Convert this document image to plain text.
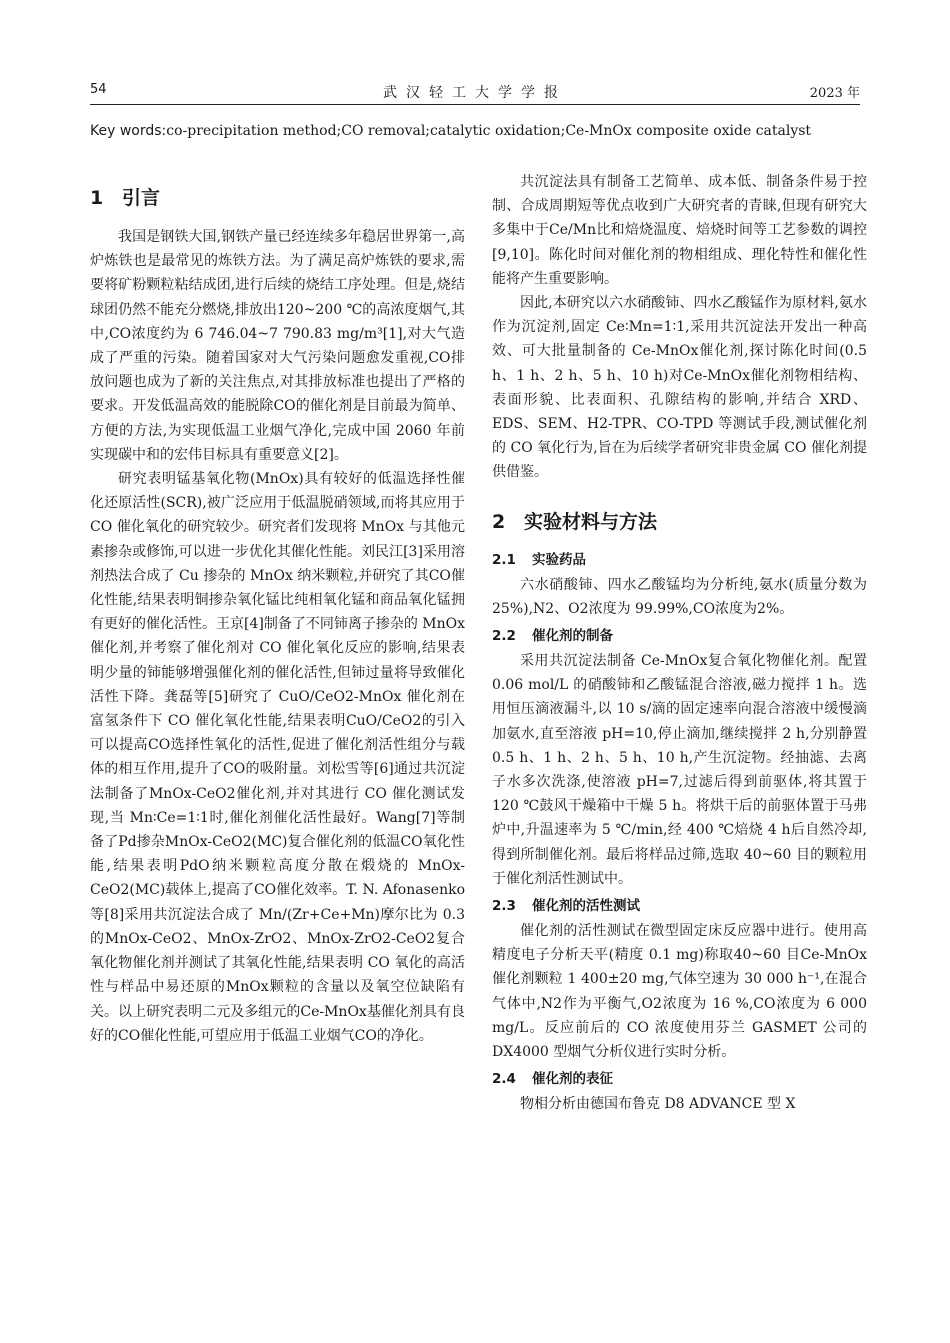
54	武汉轻工大学学报	2023 年
Key words:co-precipitation method;CO removal;catalytic oxidation;Ce-MnOx composite oxide catalyst
1 引言

我国是钢铁大国,钢铁产量已经连续多年稳居世界第一,高炉炼铁也是最常见的炼铁方法。为了满足高炉炼铁的要求,需要将矿粉颗粒粘结成团,进行后续的烧结工序处理。但是,烧结球团仍然不能充分燃烧,排放出120~200 ℃的高浓度烟气,其中,CO浓度约为 6 746.04~7 790.83 mg/m³[1],对大气造成了严重的污染。随着国家对大气污染问题愈发重视,CO排放问题也成为了新的关注焦点,对其排放标准也提出了严格的要求。开发低温高效的能脱除CO的催化剂是目前最为简单、方便的方法,为实现低温工业烟气净化,完成中国 2060 年前实现碳中和的宏伟目标具有重要意义[2]。

研究表明锰基氧化物(MnOx)具有较好的低温选择性催化还原活性(SCR),被广泛应用于低温脱硝领域,而将其应用于 CO 催化氧化的研究较少。研究者们发现将 MnOx 与其他元素掺杂或修饰,可以进一步优化其催化性能。刘民江[3]采用溶剂热法合成了 Cu 掺杂的 MnOx 纳米颗粒,并研究了其CO催化性能,结果表明铜掺杂氧化锰比纯相氧化锰和商品氧化锰拥有更好的催化活性。王京[4]制备了不同铈离子掺杂的 MnOx 催化剂,并考察了催化剂对 CO 催化氧化反应的影响,结果表明少量的铈能够增强催化剂的催化活性,但铈过量将导致催化活性下降。龚磊等[5]研究了 CuO/CeO2-MnOx 催化剂在富氢条件下 CO 催化氧化性能,结果表明CuO/CeO2的引入可以提高CO选择性氧化的活性,促进了催化剂活性组分与载体的相互作用,提升了CO的吸附量。刘松雪等[6]通过共沉淀法制备了MnOx-CeO2催化剂,并对其进行 CO 催化测试发现,当 Mn∶Ce=1∶1时,催化剂催化活性最好。Wang[7]等制备了Pd掺杂MnOx-CeO2(MC)复合催化剂的低温CO氧化性能,结果表明PdO纳米颗粒高度分散在煅烧的 MnOx-CeO2(MC)载体上,提高了CO催化效率。T. N. Afonasenko 等[8]采用共沉淀法合成了 Mn/(Zr+Ce+Mn)摩尔比为 0.3 的MnOx-CeO2、MnOx-ZrO2、MnOx-ZrO2-CeO2复合氧化物催化剂并测试了其氧化性能,结果表明 CO 氧化的高活性与样品中易还原的MnOx颗粒的含量以及氧空位缺陷有关。以上研究表明二元及多组元的Ce-MnOx基催化剂具有良好的CO催化性能,可望应用于低温工业烟气CO的净化。

共沉淀法具有制备工艺简单、成本低、制备条件易于控制、合成周期短等优点收到广大研究者的青睐,但现有研究大多集中于Ce/Mn比和焙烧温度、焙烧时间等工艺参数的调控[9,10]。陈化时间对催化剂的物相组成、理化特性和催化性能将产生重要影响。

因此,本研究以六水硝酸铈、四水乙酸锰作为原材料,氨水作为沉淀剂,固定 Ce∶Mn=1∶1,采用共沉淀法开发出一种高效、可大批量制备的 Ce-MnOx催化剂,探讨陈化时间(0.5 h、1 h、2 h、5 h、10 h)对Ce-MnOx催化剂物相结构、表面形貌、比表面积、孔隙结构的影响,并结合 XRD、EDS、SEM、H2-TPR、CO-TPD 等测试手段,测试催化剂的 CO 氧化行为,旨在为后续学者研究非贵金属 CO 催化剂提供借鉴。

2 实验材料与方法
2.1 实验药品

六水硝酸铈、四水乙酸锰均为分析纯,氨水(质量分数为 25%),N2、O2浓度为 99.99%,CO浓度为2%。

2.2 催化剂的制备

采用共沉淀法制备 Ce-MnOx复合氧化物催化剂。配置0.06 mol/L 的硝酸铈和乙酸锰混合溶液,磁力搅拌 1 h。选用恒压滴液漏斗,以 10 s/滴的固定速率向混合溶液中缓慢滴加氨水,直至溶液 pH=10,停止滴加,继续搅拌 2 h,分别静置 0.5 h、1 h、2 h、5 h、10 h,产生沉淀物。经抽滤、去离子水多次洗涤,使溶液 pH=7,过滤后得到前驱体,将其置于120 ℃鼓风干燥箱中干燥 5 h。将烘干后的前驱体置于马弗炉中,升温速率为 5 ℃/min,经 400 ℃焙烧 4 h后自然冷却,得到所制催化剂。最后将样品过筛,选取 40~60 目的颗粒用于催化剂活性测试中。

2.3 催化剂的活性测试

催化剂的活性测试在微型固定床反应器中进行。使用高精度电子分析天平(精度 0.1 mg)称取40~60 目Ce-MnOx催化剂颗粒 1 400±20 mg,气体空速为 30 000 h⁻¹,在混合气体中,N2作为平衡气,O2浓度为 16 %,CO浓度为 6 000 mg/L。反应前后的 CO 浓度使用芬兰 GASMET 公司的DX4000 型烟气分析仪进行实时分析。

2.4 催化剂的表征

物相分析由德国布鲁克 D8 ADVANCE 型 X
